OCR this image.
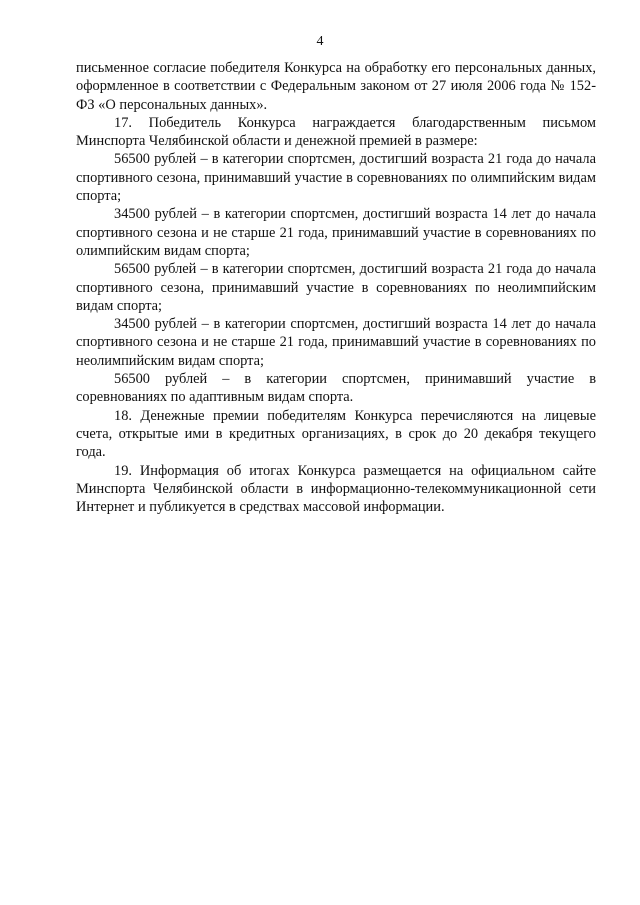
4

письменное согласие победителя Конкурса на обработку его персональных данных, оформленное в соответствии с Федеральным законом от 27 июля 2006 года № 152-ФЗ «О персональных данных».

17. Победитель Конкурса награждается благодарственным письмом Минспорта Челябинской области и денежной премией в размере:

56500 рублей – в категории спортсмен, достигший возраста 21 года до начала спортивного сезона, принимавший участие в соревнованиях по олимпийским видам спорта;

34500 рублей – в категории спортсмен, достигший возраста 14 лет до начала спортивного сезона и не старше 21 года, принимавший участие в соревнованиях по олимпийским видам спорта;

56500 рублей – в категории спортсмен, достигший возраста 21 года до начала спортивного сезона, принимавший участие в соревнованиях по неолимпийским видам спорта;

34500 рублей – в категории спортсмен, достигший возраста 14 лет до начала спортивного сезона и не старше 21 года, принимавший участие в соревнованиях по неолимпийским видам спорта;

56500 рублей – в категории спортсмен, принимавший участие в соревнованиях по адаптивным видам спорта.

18. Денежные премии победителям Конкурса перечисляются на лицевые счета, открытые ими в кредитных организациях, в срок до 20 декабря текущего года.

19. Информация об итогах Конкурса размещается на официальном сайте Минспорта Челябинской области в информационно-телекоммуникационной сети Интернет и публикуется в средствах массовой информации.
